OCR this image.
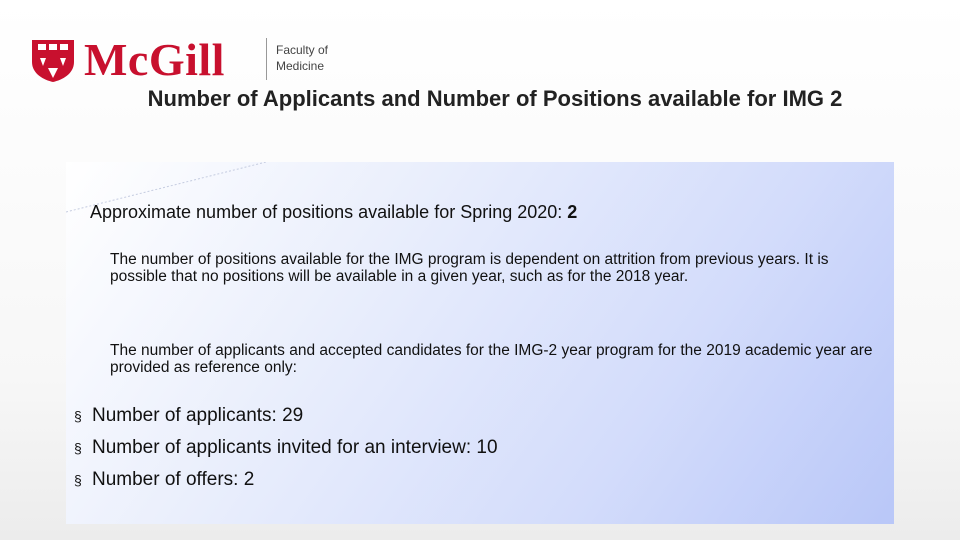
McGill	Faculty of
Medicine
Number of Applicants and Number of Positions available for IMG 2
Approximate number of positions available for Spring 2020: 2
The number of positions available for the IMG program is dependent on attrition from previous years. It is possible that no positions will be available in a given year, such as for the 2018 year.
The number of applicants and accepted candidates for the IMG-2 year program for the 2019 academic year are provided as reference only:
§ Number of applicants: 29
§ Number of applicants invited for an interview: 10
§ Number of offers: 2
